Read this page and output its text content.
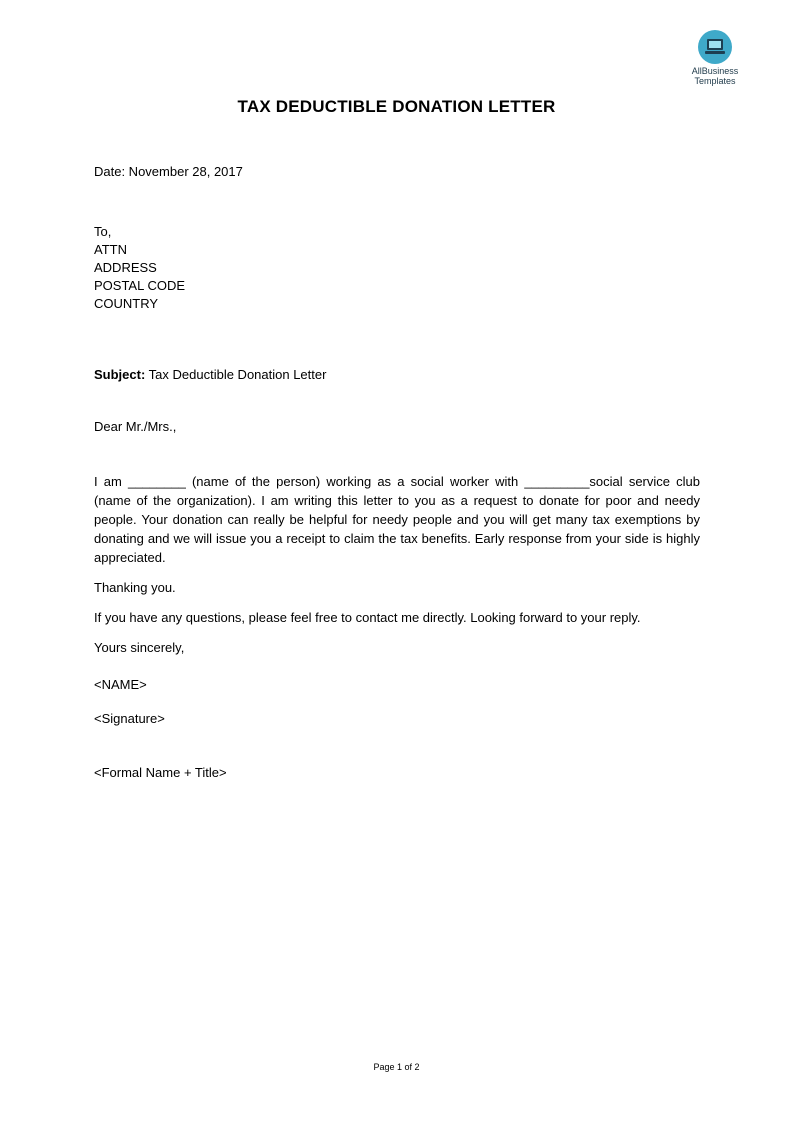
AllBusiness
Templates
TAX DEDUCTIBLE DONATION LETTER
Date: November 28, 2017
To,
ATTN
ADDRESS
POSTAL CODE
COUNTRY
Subject: Tax Deductible Donation Letter
Dear Mr./Mrs.,
I am ________ (name of the person) working as a social worker with _________social service club (name of the organization). I am writing this letter to you as a request to donate for poor and needy people. Your donation can really be helpful for needy people and you will get many tax exemptions by donating and we will issue you a receipt to claim the tax benefits. Early response from your side is highly appreciated.
Thanking you.
If you have any questions, please feel free to contact me directly. Looking forward to your reply.
Yours sincerely,
<NAME>
<Signature>
<Formal Name + Title>
Page 1 of 2
